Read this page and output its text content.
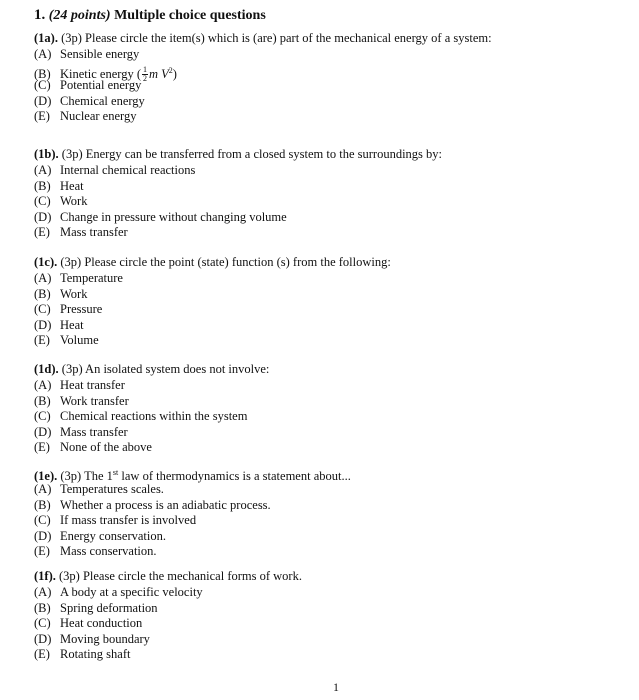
1. (24 points) Multiple choice questions
(1a). (3p) Please circle the item(s) which is (are) part of the mechanical energy of a system:
(A) Sensible energy
(B) Kinetic energy ( $\frac{1}{2}$ m $V^2$)
(C) Potential energy
(D) Chemical energy
(E) Nuclear energy
(1b). (3p) Energy can be transferred from a closed system to the surroundings by:
(A) Internal chemical reactions
(B) Heat
(C) Work
(D) Change in pressure without changing volume
(E) Mass transfer
(1c). (3p) Please circle the point (state) function (s) from the following:
(A) Temperature
(B) Work
(C) Pressure
(D) Heat
(E) Volume
(1d). (3p) An isolated system does not involve:
(A) Heat transfer
(B) Work transfer
(C) Chemical reactions within the system
(D) Mass transfer
(E) None of the above
(1e). (3p) The 1st law of thermodynamics is a statement about...
(A) Temperatures scales.
(B) Whether a process is an adiabatic process.
(C) If mass transfer is involved
(D) Energy conservation.
(E) Mass conservation.
(1f). (3p) Please circle the mechanical forms of work.
(A) A body at a specific velocity
(B) Spring deformation
(C) Heat conduction
(D) Moving boundary
(E) Rotating shaft
1
